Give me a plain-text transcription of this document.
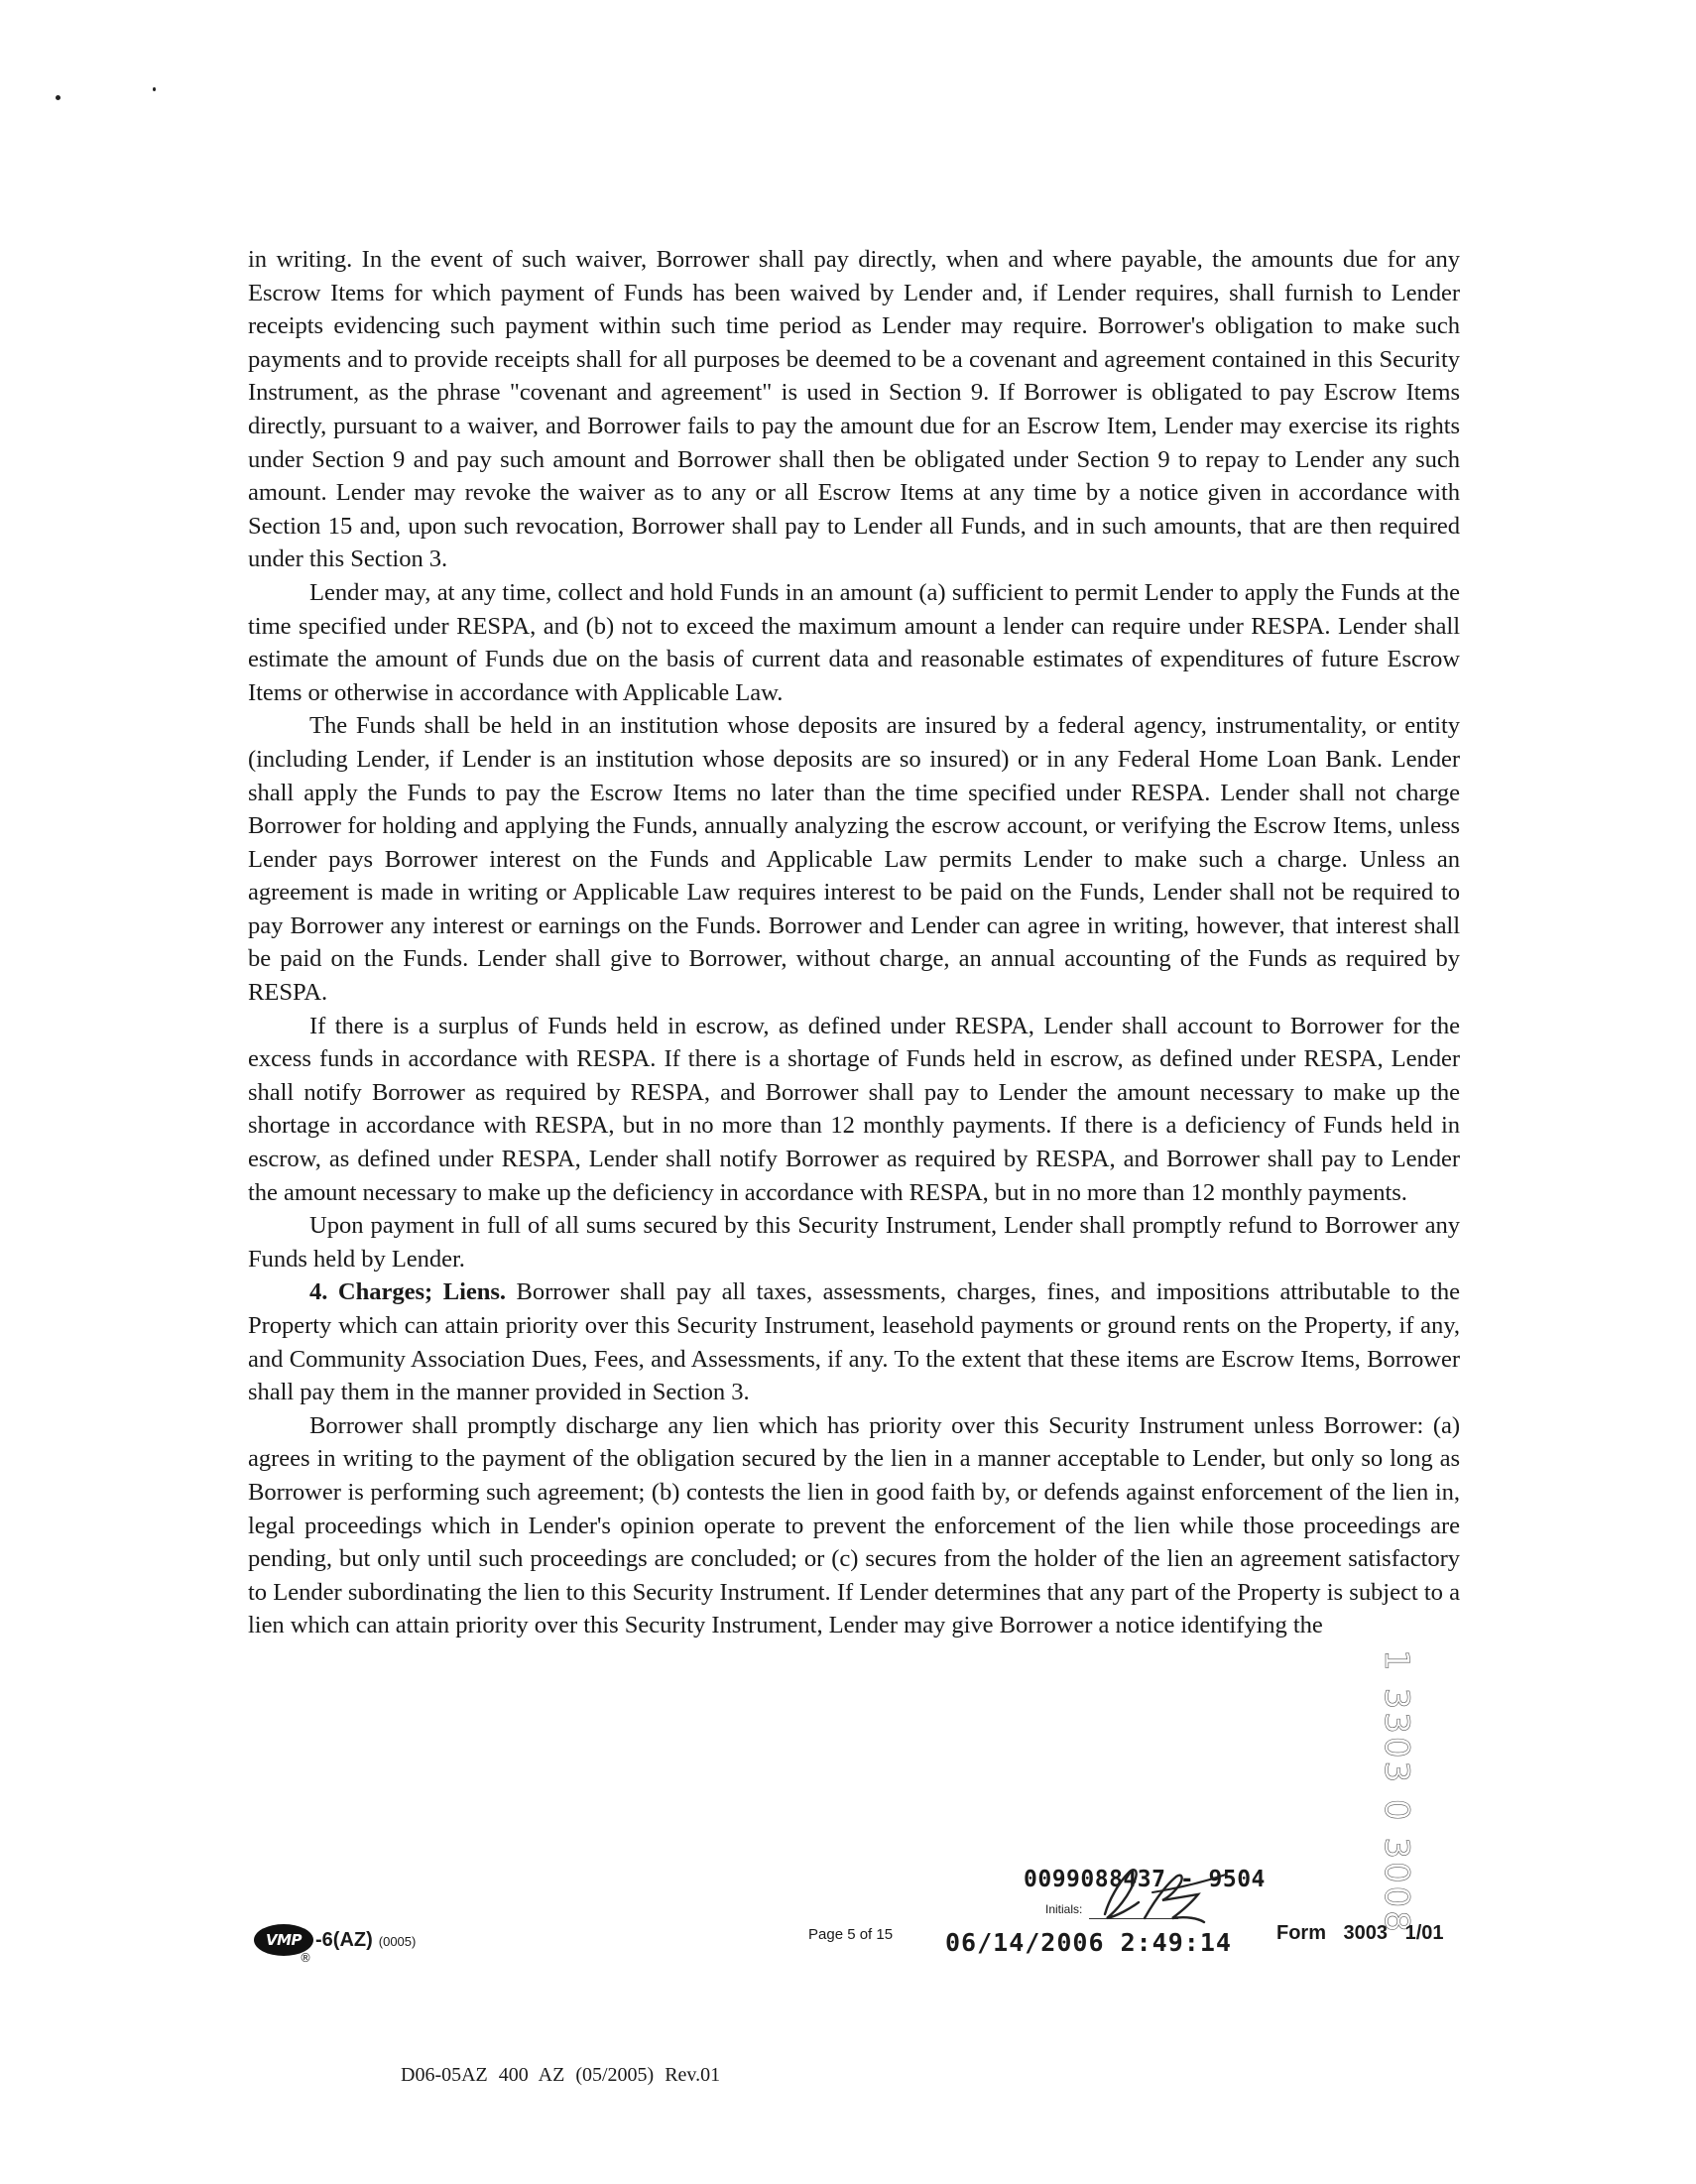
in writing. In the event of such waiver, Borrower shall pay directly, when and where payable, the amounts due for any Escrow Items for which payment of Funds has been waived by Lender and, if Lender requires, shall furnish to Lender receipts evidencing such payment within such time period as Lender may require. Borrower's obligation to make such payments and to provide receipts shall for all purposes be deemed to be a covenant and agreement contained in this Security Instrument, as the phrase "covenant and agreement" is used in Section 9. If Borrower is obligated to pay Escrow Items directly, pursuant to a waiver, and Borrower fails to pay the amount due for an Escrow Item, Lender may exercise its rights under Section 9 and pay such amount and Borrower shall then be obligated under Section 9 to repay to Lender any such amount. Lender may revoke the waiver as to any or all Escrow Items at any time by a notice given in accordance with Section 15 and, upon such revocation, Borrower shall pay to Lender all Funds, and in such amounts, that are then required under this Section 3.

Lender may, at any time, collect and hold Funds in an amount (a) sufficient to permit Lender to apply the Funds at the time specified under RESPA, and (b) not to exceed the maximum amount a lender can require under RESPA. Lender shall estimate the amount of Funds due on the basis of current data and reasonable estimates of expenditures of future Escrow Items or otherwise in accordance with Applicable Law.

The Funds shall be held in an institution whose deposits are insured by a federal agency, instrumentality, or entity (including Lender, if Lender is an institution whose deposits are so insured) or in any Federal Home Loan Bank. Lender shall apply the Funds to pay the Escrow Items no later than the time specified under RESPA. Lender shall not charge Borrower for holding and applying the Funds, annually analyzing the escrow account, or verifying the Escrow Items, unless Lender pays Borrower interest on the Funds and Applicable Law permits Lender to make such a charge. Unless an agreement is made in writing or Applicable Law requires interest to be paid on the Funds, Lender shall not be required to pay Borrower any interest or earnings on the Funds. Borrower and Lender can agree in writing, however, that interest shall be paid on the Funds. Lender shall give to Borrower, without charge, an annual accounting of the Funds as required by RESPA.

If there is a surplus of Funds held in escrow, as defined under RESPA, Lender shall account to Borrower for the excess funds in accordance with RESPA. If there is a shortage of Funds held in escrow, as defined under RESPA, Lender shall notify Borrower as required by RESPA, and Borrower shall pay to Lender the amount necessary to make up the shortage in accordance with RESPA, but in no more than 12 monthly payments. If there is a deficiency of Funds held in escrow, as defined under RESPA, Lender shall notify Borrower as required by RESPA, and Borrower shall pay to Lender the amount necessary to make up the deficiency in accordance with RESPA, but in no more than 12 monthly payments.

Upon payment in full of all sums secured by this Security Instrument, Lender shall promptly refund to Borrower any Funds held by Lender.

4. Charges; Liens. Borrower shall pay all taxes, assessments, charges, fines, and impositions attributable to the Property which can attain priority over this Security Instrument, leasehold payments or ground rents on the Property, if any, and Community Association Dues, Fees, and Assessments, if any. To the extent that these items are Escrow Items, Borrower shall pay them in the manner provided in Section 3.

Borrower shall promptly discharge any lien which has priority over this Security Instrument unless Borrower: (a) agrees in writing to the payment of the obligation secured by the lien in a manner acceptable to Lender, but only so long as Borrower is performing such agreement; (b) contests the lien in good faith by, or defends against enforcement of the lien in, legal proceedings which in Lender's opinion operate to prevent the enforcement of the lien while those proceedings are pending, but only until such proceedings are concluded; or (c) secures from the holder of the lien an agreement satisfactory to Lender subordinating the lien to this Security Instrument. If Lender determines that any part of the Property is subject to a lien which can attain priority over this Security Instrument, Lender may give Borrower a notice identifying the

1 3303 0 3008
VMP
®
-6(AZ) (0005)	Page 5 of 15
0099088437 - 9504
Initials:
06/14/2006 2:49:14 Form 3003 1/01
D06-05AZ 400 AZ (05/2005) Rev.01
